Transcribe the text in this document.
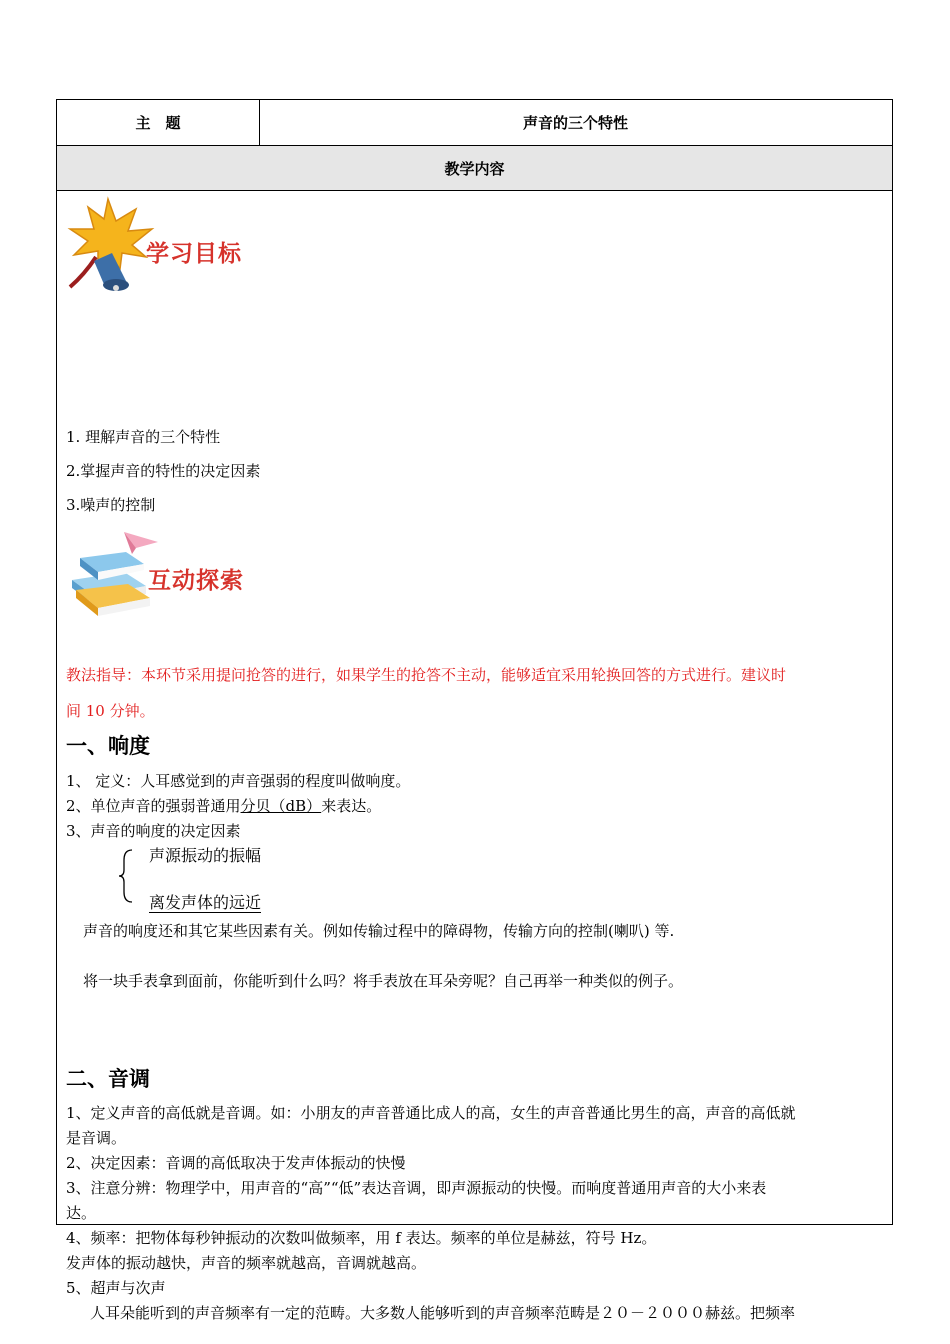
主　题	声音的三个特性
教学内容
学习目标
1. 理解声音的三个特性
2.掌握声音的特性的决定因素
3.噪声的控制
互动探索
教法指导：本环节采用提问抢答的进行，如果学生的抢答不主动，能够适宜采用轮换回答的方式进行。建议时
间 10 分钟。
一、响度
1、 定义：人耳感觉到的声音强弱的程度叫做响度。
2、单位声音的强弱普通用分贝（dB）来表达。
3、声音的响度的决定因素
声源振动的振幅
离发声体的远近
声音的响度还和其它某些因素有关。例如传输过程中的障碍物，传输方向的控制(喇叭) 等.
将一块手表拿到面前，你能听到什么吗？将手表放在耳朵旁呢？自己再举一种类似的例子。
二、音调
1、定义声音的高低就是音调。如：小朋友的声音普通比成人的高，女生的声音普通比男生的高，声音的高低就
是音调。
2、决定因素：音调的高低取决于发声体振动的快慢
3、注意分辨：物理学中，用声音的“高”“低”表达音调，即声源振动的快慢。而响度普通用声音的大小来表
达。
4、频率：把物体每秒钟振动的次数叫做频率，用 f 表达。频率的单位是赫兹，符号 Hz。
发声体的振动越快，声音的频率就越高，音调就越高。
5、超声与次声
人耳朵能听到的声音频率有一定的范畴。大多数人能够听到的声音频率范畴是２０－２０００赫兹。把频率
